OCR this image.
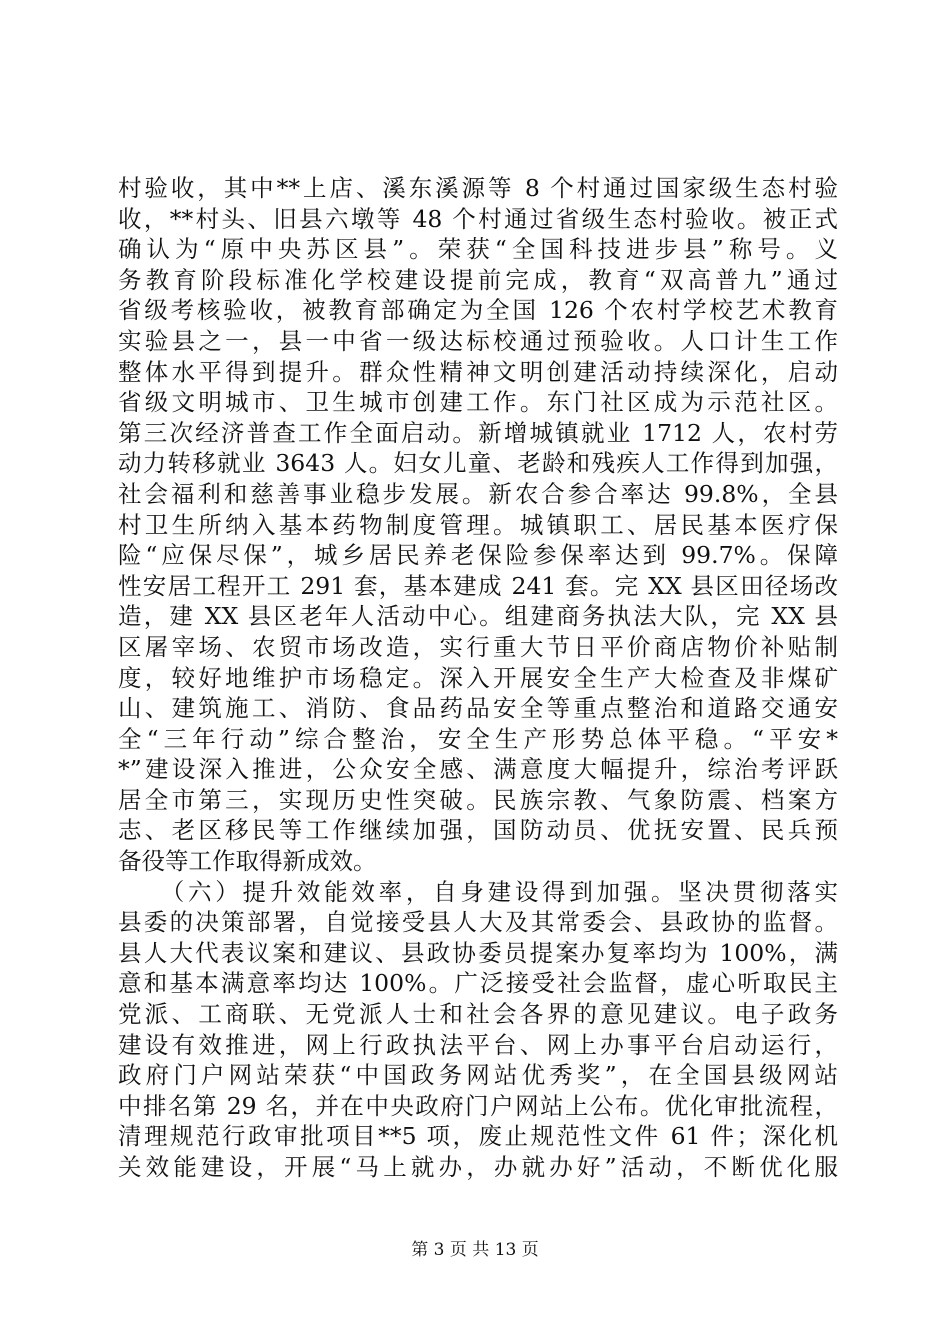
村验收，其中**上店、溪东溪源等 8 个村通过国家级生态村验
收，**村头、旧县六墩等 48 个村通过省级生态村验收。被正式
确认为“原中央苏区县”。荣获“全国科技进步县”称号。义
务教育阶段标准化学校建设提前完成，教育“双高普九”通过
省级考核验收，被教育部确定为全国 126 个农村学校艺术教育
实验县之一，县一中省一级达标校通过预验收。人口计生工作
整体水平得到提升。群众性精神文明创建活动持续深化，启动
省级文明城市、卫生城市创建工作。东门社区成为示范社区。
第三次经济普查工作全面启动。新增城镇就业 1712 人，农村劳
动力转移就业 3643 人。妇女儿童、老龄和残疾人工作得到加强，
社会福利和慈善事业稳步发展。新农合参合率达 99.8%，全县
村卫生所纳入基本药物制度管理。城镇职工、居民基本医疗保
险“应保尽保”，城乡居民养老保险参保率达到 99.7%。保障
性安居工程开工 291 套，基本建成 241 套。完 XX 县区田径场改
造，建 XX 县区老年人活动中心。组建商务执法大队，完 XX 县
区屠宰场、农贸市场改造，实行重大节日平价商店物价补贴制
度，较好地维护市场稳定。深入开展安全生产大检查及非煤矿
山、建筑施工、消防、食品药品安全等重点整治和道路交通安
全“三年行动”综合整治，安全生产形势总体平稳。“平安*
*”建设深入推进，公众安全感、满意度大幅提升，综治考评跃
居全市第三，实现历史性突破。民族宗教、气象防震、档案方
志、老区移民等工作继续加强，国防动员、优抚安置、民兵预
备役等工作取得新成效。
　　（六）提升效能效率，自身建设得到加强。坚决贯彻落实
县委的决策部署，自觉接受县人大及其常委会、县政协的监督。
县人大代表议案和建议、县政协委员提案办复率均为 100%，满
意和基本满意率均达 100%。广泛接受社会监督，虚心听取民主
党派、工商联、无党派人士和社会各界的意见建议。电子政务
建设有效推进，网上行政执法平台、网上办事平台启动运行，
政府门户网站荣获“中国政务网站优秀奖”，在全国县级网站
中排名第 29 名，并在中央政府门户网站上公布。优化审批流程，
清理规范行政审批项目**5 项，废止规范性文件 61 件；深化机
关效能建设，开展“马上就办，办就办好”活动，不断优化服
第 3 页 共 13 页
